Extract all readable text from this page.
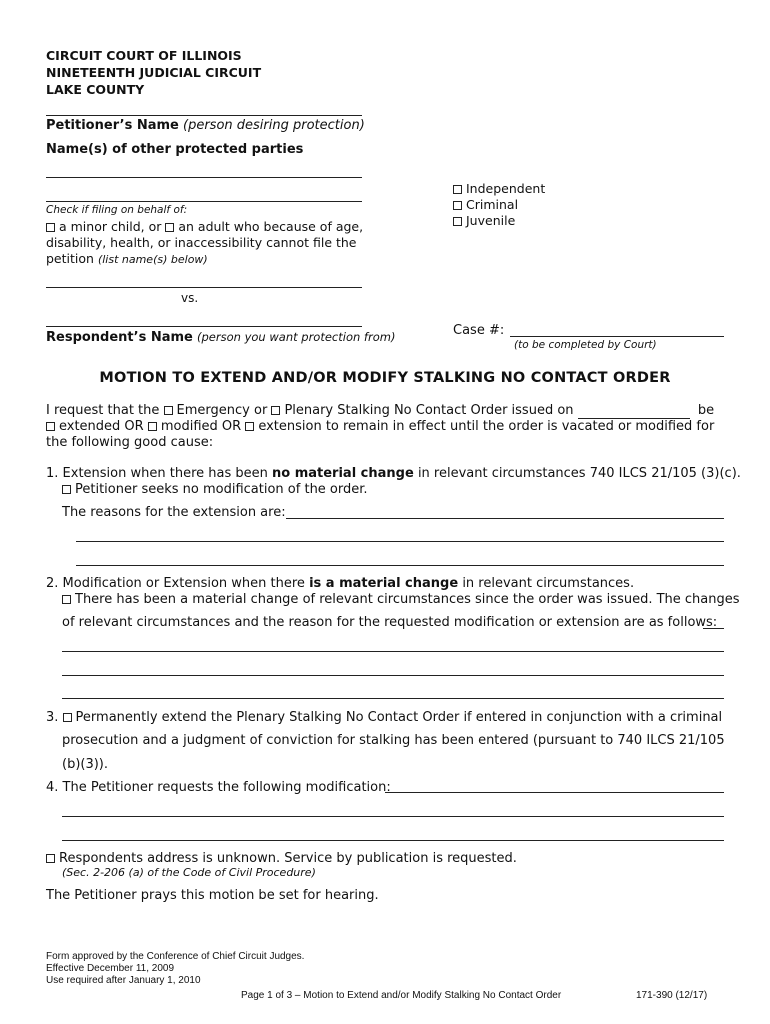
CIRCUIT COURT OF ILLINOIS
NINETEENTH JUDICIAL CIRCUIT
LAKE COUNTY
Petitioner’s Name (person desiring protection)
Name(s) of other protected parties
Check if filing on behalf of:
a minor child, or an adult who because of age,
disability, health, or inaccessibility cannot file the
petition (list name(s) below)
vs.
Respondent’s Name (person you want protection from)
Independent
Criminal
Juvenile
Case #:
(to be completed by Court)
MOTION TO EXTEND AND/OR MODIFY STALKING NO CONTACT ORDER
I request that the Emergency or Plenary Stalking No Contact Order issued on	be
extended OR modified OR extension to remain in effect until the order is vacated or modified for
the following good cause:
1. Extension when there has been no material change in relevant circumstances 740 ILCS 21/105 (3)(c).
Petitioner seeks no modification of the order.
The reasons for the extension are:
2. Modification or Extension when there is a material change in relevant circumstances.
There has been a material change of relevant circumstances since the order was issued. The changes
of relevant circumstances and the reason for the requested modification or extension are as follows:
3. Permanently extend the Plenary Stalking No Contact Order if entered in conjunction with a criminal
prosecution and a judgment of conviction for stalking has been entered (pursuant to 740 ILCS 21/105
(b)(3)).
4. The Petitioner requests the following modification:
Respondents address is unknown. Service by publication is requested.
(Sec. 2-206 (a) of the Code of Civil Procedure)
The Petitioner prays this motion be set for hearing.
Form approved by the Conference of Chief Circuit Judges.
Effective December 11, 2009
Use required after January 1, 2010
Page 1 of 3 – Motion to Extend and/or Modify Stalking No Contact Order	171-390 (12/17)
